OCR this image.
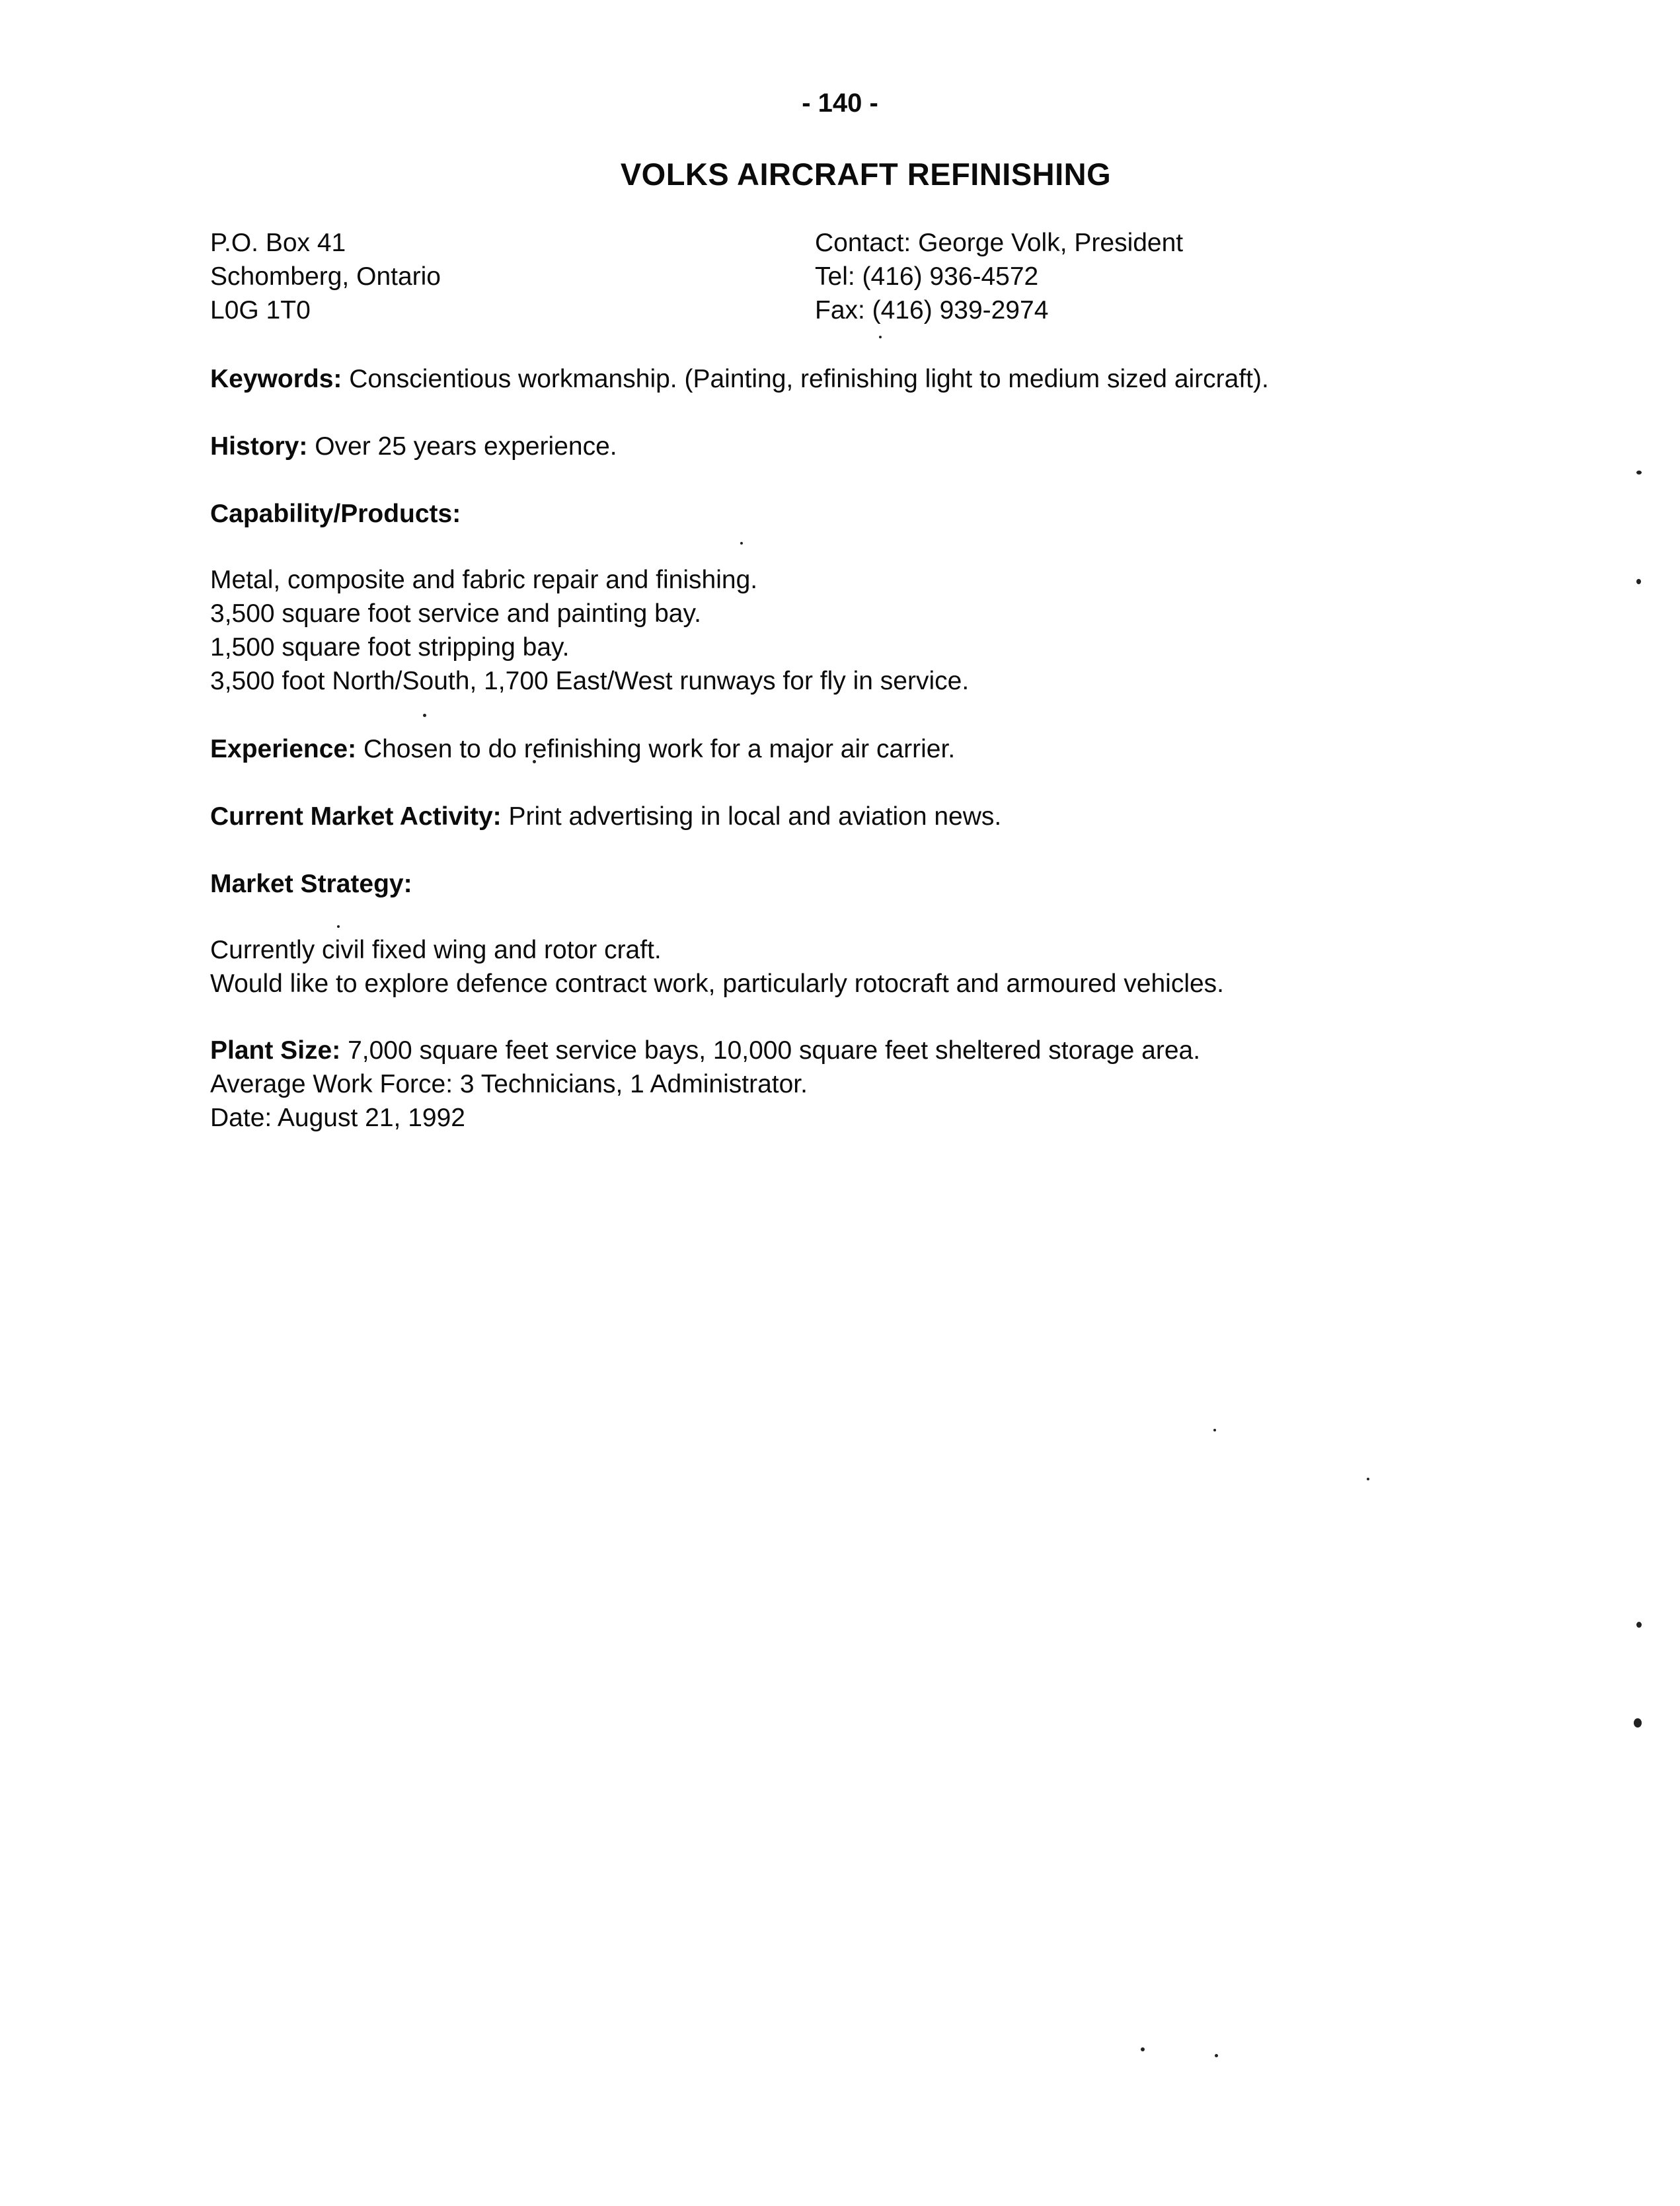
- 140 -
VOLKS AIRCRAFT REFINISHING
P.O. Box 41
Schomberg, Ontario
L0G 1T0
Contact: George Volk, President
Tel: (416) 936-4572
Fax: (416) 939-2974
Keywords: Conscientious workmanship. (Painting, refinishing light to medium sized aircraft).
History: Over 25 years experience.
Capability/Products:
Metal, composite and fabric repair and finishing.
3,500 square foot service and painting bay.
1,500 square foot stripping bay.
3,500 foot North/South, 1,700 East/West runways for fly in service.
Experience: Chosen to do refinishing work for a major air carrier.
Current Market Activity: Print advertising in local and aviation news.
Market Strategy:
Currently civil fixed wing and rotor craft.
Would like to explore defence contract work, particularly rotocraft and armoured vehicles.
Plant Size: 7,000 square feet service bays, 10,000 square feet sheltered storage area.
Average Work Force: 3 Technicians, 1 Administrator.
Date: August 21, 1992
